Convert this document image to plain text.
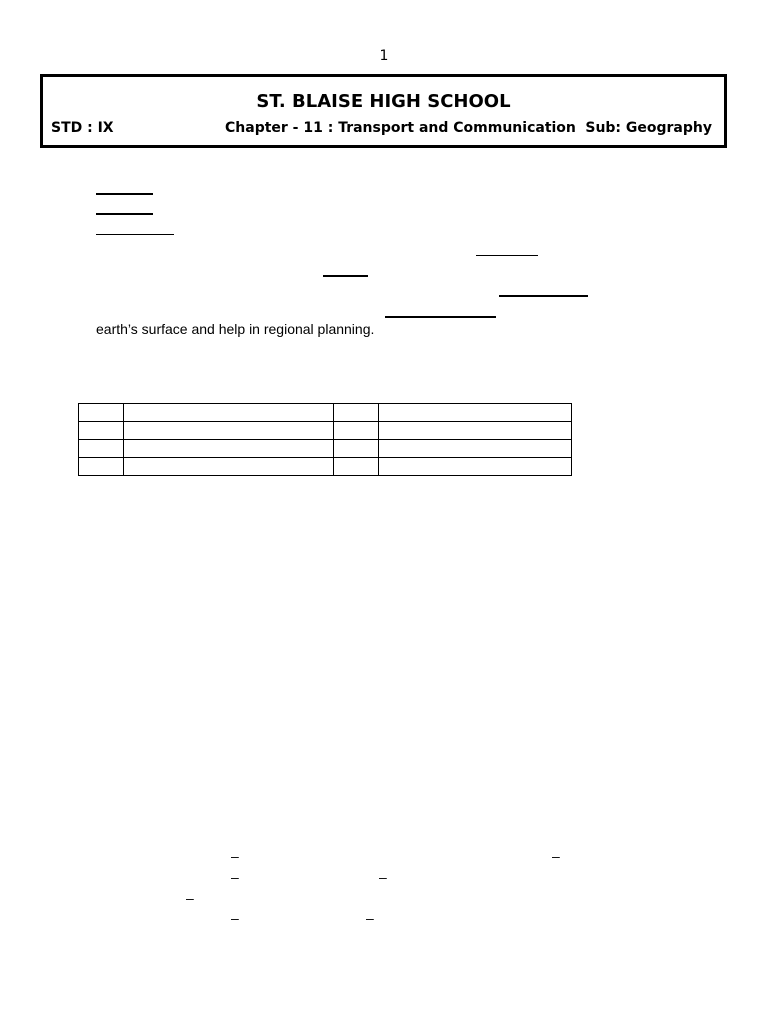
1
ST. BLAISE HIGH SCHOOL
STD : IX	Chapter - 11 : Transport and Communication Sub: Geography
earth’s surface and help in regional planning.

–	–
–	–
–
–	–
